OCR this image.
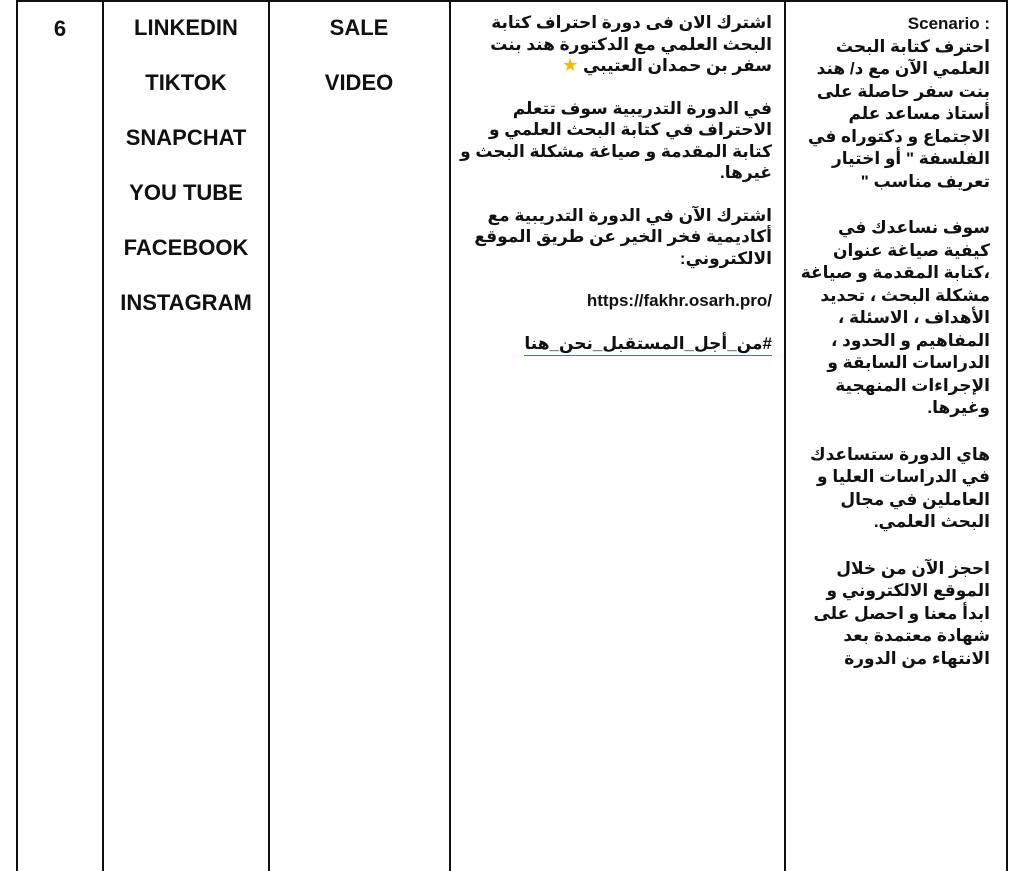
6	LINKEDIN
TIKTOK
SNAPCHAT
YOU TUBE
FACEBOOK
INSTAGRAM
SALE
VIDEO

اشترك الان فى دورة احتراف كتابة البحث العلمي مع الدكتورة هند بنت سفر بن حمدان العتيبي ★

في الدورة التدريبية سوف تتعلم الاحتراف في كتابة البحث العلمي و كتابة المقدمة و صياغة مشكلة البحث و غيرها.

اشترك الآن في الدورة التدريبية مع أكاديمية فخر الخير عن طريق الموقع الالكتروني:

https://fakhr.osarh.pro/

#من_أجل_المستقبل_نحن_هنا

Scenario :

احترف كتابة البحث العلمي الآن مع د/ هند بنت سفر حاصلة على أستاذ مساعد علم الاجتماع و دكتوراه في الفلسفة " أو اختيار تعريف مناسب "

سوف نساعدك في كيفية صياغة عنوان ،كتابة المقدمة و صياغة مشكلة البحث ، تحديد الأهداف ، الاسئلة ، المفاهيم و الحدود ، الدراسات السابقة و الإجراءات المنهجية وغيرها.

هاي الدورة ستساعدك في الدراسات العليا و العاملين في مجال البحث العلمي.

احجز الآن من خلال الموقع الالكتروني و ابدأ معنا و احصل على شهادة معتمدة بعد الانتهاء من الدورة
